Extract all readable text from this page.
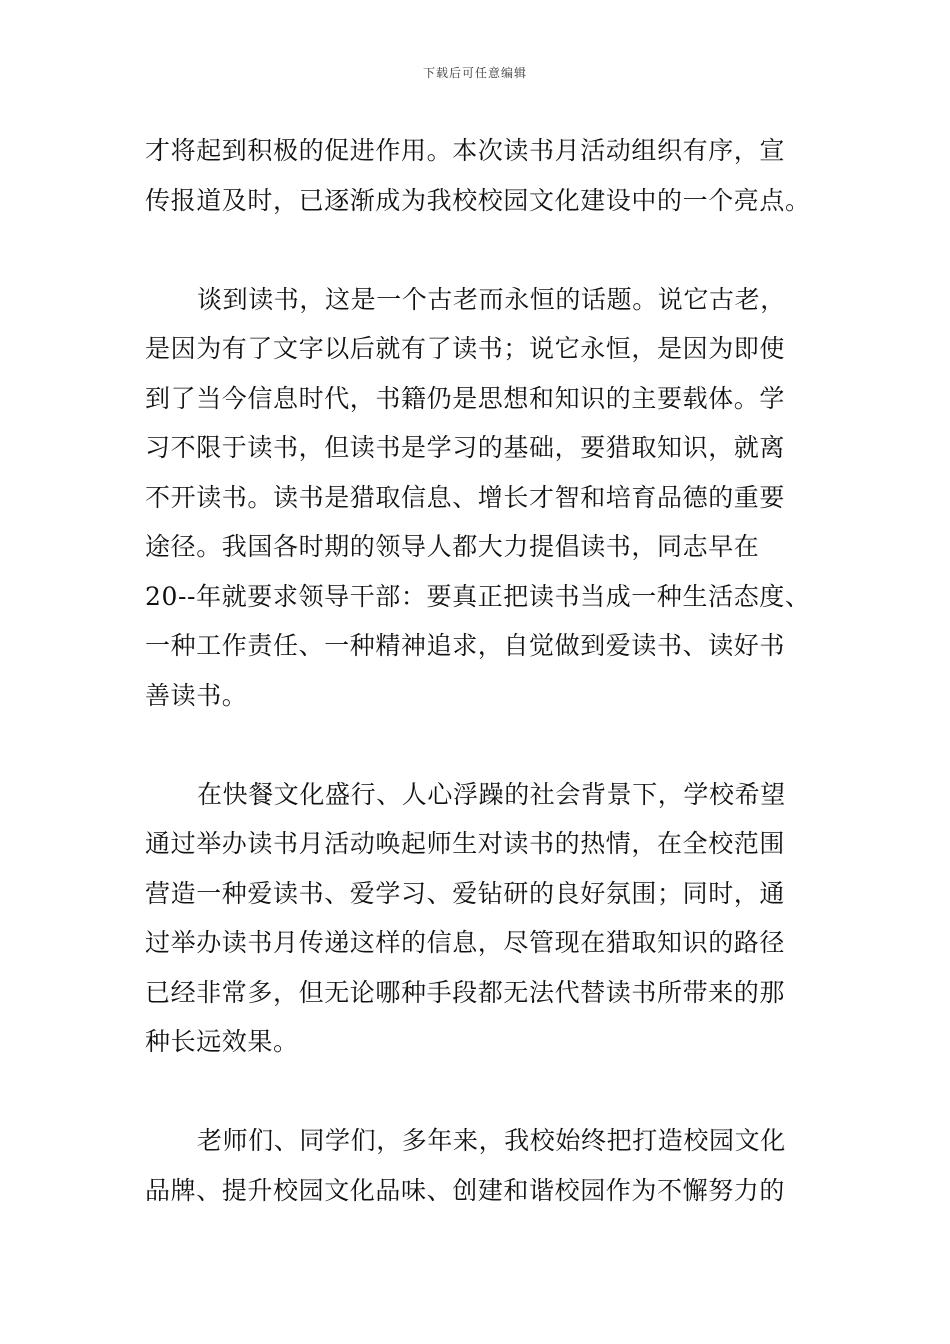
下载后可任意编辑

才将起到积极的促进作用。本次读书月活动组织有序，宣
传报道及时，已逐渐成为我校校园文化建设中的一个亮点。

谈到读书，这是一个古老而永恒的话题。说它古老，
是因为有了文字以后就有了读书；说它永恒，是因为即使
到了当今信息时代，书籍仍是思想和知识的主要载体。学
习不限于读书，但读书是学习的基础，要猎取知识，就离
不开读书。读书是猎取信息、增长才智和培育品德的重要
途径。我国各时期的领导人都大力提倡读书，同志早在
20--年就要求领导干部：要真正把读书当成一种生活态度、
一种工作责任、一种精神追求，自觉做到爱读书、读好书
善读书。

在快餐文化盛行、人心浮躁的社会背景下，学校希望
通过举办读书月活动唤起师生对读书的热情，在全校范围
营造一种爱读书、爱学习、爱钻研的良好氛围；同时，通
过举办读书月传递这样的信息，尽管现在猎取知识的路径
已经非常多，但无论哪种手段都无法代替读书所带来的那
种长远效果。

老师们、同学们，多年来，我校始终把打造校园文化
品牌、提升校园文化品味、创建和谐校园作为不懈努力的
